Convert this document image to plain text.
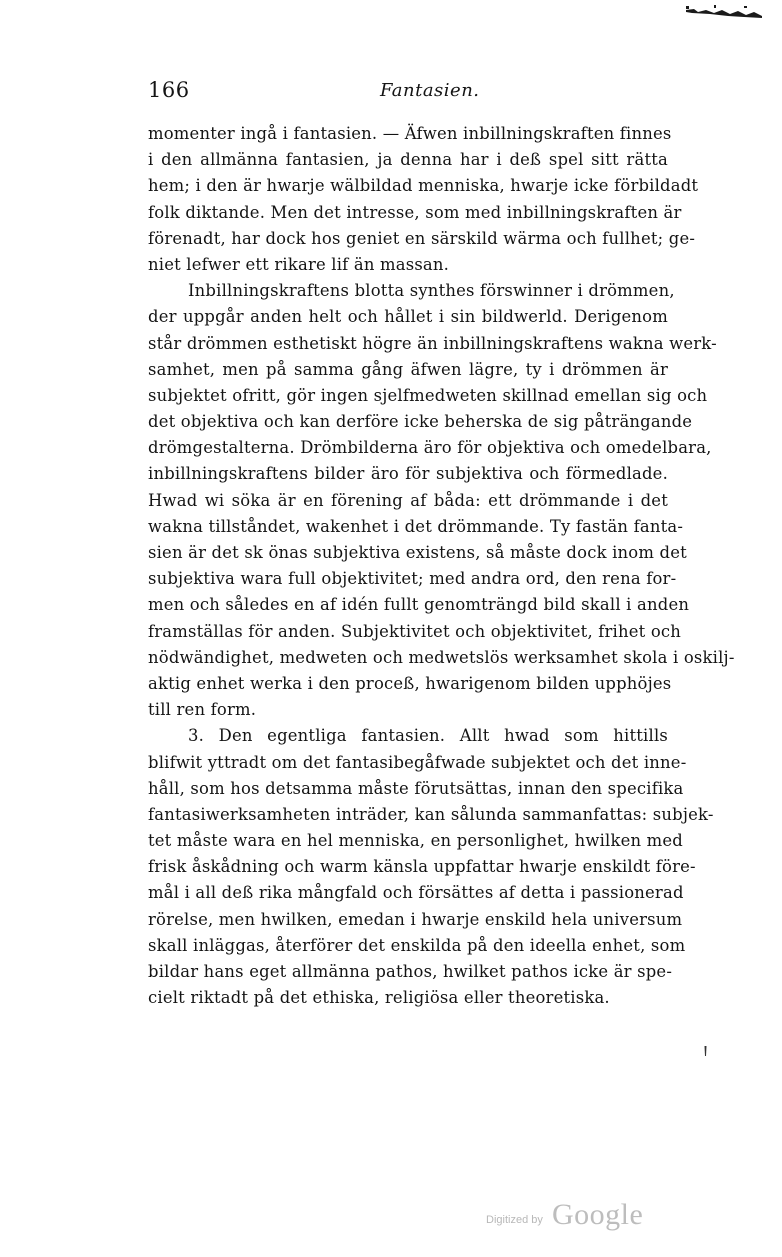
166	Fantasien.
momenter ingå i fantasien. — Äfwen inbillningskraften finnes
i den allmänna fantasien, ja denna har i deß spel sitt rätta
hem; i den är hwarje wälbildad menniska, hwarje icke förbildadt
folk diktande. Men det intresse, som med inbillningskraften är
förenadt, har dock hos geniet en särskild wärma och fullhet; ge-
niet lefwer ett rikare lif än massan.
Inbillningskraftens blotta synthes förswinner i drömmen,
der uppgår anden helt och hållet i sin bildwerld. Derigenom
står drömmen esthetiskt högre än inbillningskraftens wakna werk-
samhet, men på samma gång äfwen lägre, ty i drömmen är
subjektet ofritt, gör ingen sjelfmedweten skillnad emellan sig och
det objektiva och kan derföre icke beherska de sig påträngande
drömgestalterna. Drömbilderna äro för objektiva och omedelbara,
inbillningskraftens bilder äro för subjektiva och förmedlade.
Hwad wi söka är en förening af båda: ett drömmande i det
wakna tillståndet, wakenhet i det drömmande. Ty fastän fanta-
sien är det sk önas subjektiva existens, så måste dock inom det
subjektiva wara full objektivitet; med andra ord, den rena for-
men och således en af idén fullt genomträngd bild skall i anden
framställas för anden. Subjektivitet och objektivitet, frihet och
nödwändighet, medweten och medwetslös werksamhet skola i oskilj-
aktig enhet werka i den proceß, hwarigenom bilden upphöjes
till ren form.
3. Den egentliga fantasien. Allt hwad som hittills
blifwit yttradt om det fantasibegåfwade subjektet och det inne-
håll, som hos detsamma måste förutsättas, innan den specifika
fantasiwerksamheten inträder, kan sålunda sammanfattas: subjek-
tet måste wara en hel menniska, en personlighet, hwilken med
frisk åskådning och warm känsla uppfattar hwarje enskildt före-
mål i all deß rika mångfald och försättes af detta i passionerad
rörelse, men hwilken, emedan i hwarje enskild hela universum
skall inläggas, återförer det enskilda på den ideella enhet, som
bildar hans eget allmänna pathos, hwilket pathos icke är spe-
cielt riktadt på det ethiska, religiösa eller theoretiska.
Digitized by Google
